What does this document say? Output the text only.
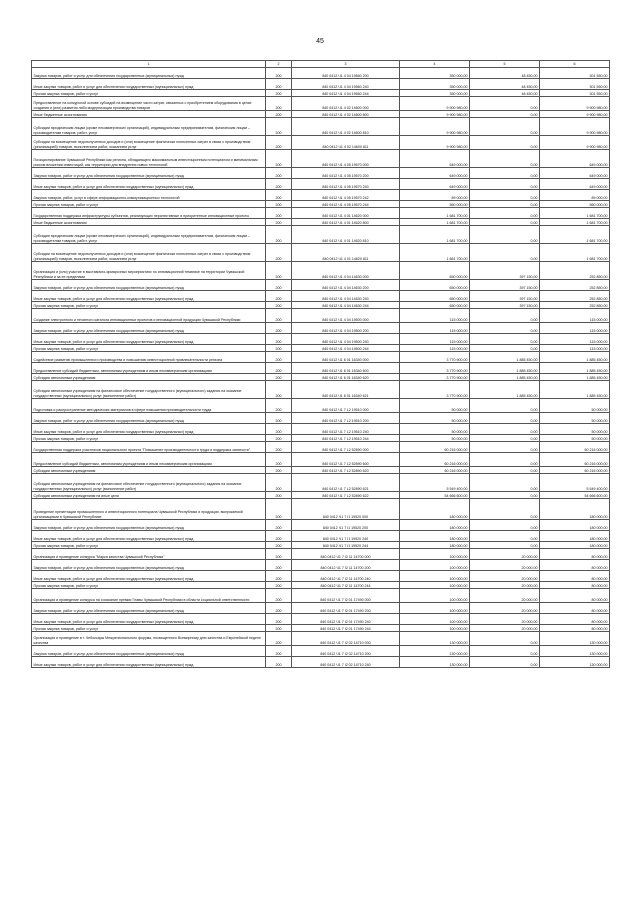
45
1	2	3	4	5	6
Закупка товаров, работ и услуг для обеспечения государственных (муниципальных) нужд	200	840 0412 Ч1 4 04 19560 200	350 000,00	48 450,00	301 550,00
Иные закупки товаров, работ и услуг для обеспечения государственных (муниципальных) нужд	200	840 0412 Ч1 4 04 19560 240	350 000,00	48 450,00	301 550,00
Прочая закупка товаров, работ и услуг	200	840 0412 Ч1 4 04 19560 244	350 000,00	48 450,00	301 550,00
Предоставление на конкурсной основе субсидий на возмещение части затрат, связанных с приобретением оборудования в целях создания и (или) развития либо модернизации производства товаров	200	840 0412 Ч1 4 02 14600 000	9 900 980,00	0,00	9 900 980,00
Иные бюджетные ассигнования	200	840 0412 Ч1 4 02 14600 800	9 900 980,00	0,00	9 900 980,00
Субсидии юридическим лицам (кроме некоммерческих организаций), индивидуальным предпринимателям, физическим лицам – производителям товаров, работ, услуг	200	840 0412 Ч1 4 02 14600 810	9 900 980,00	0,00	9 900 980,00
Субсидии на возмещение недополученных доходов и (или) возмещение фактически понесенных затрат в связи с производством (реализацией) товаров, выполнением работ, оказанием услуг	200	840 0412 Ч1 4 02 14600 811	9 900 980,00	0,00	9 900 980,00
Позиционирование Чувашской Республики как региона, обладающего максимальным инвестиционным потенциалом и минимальным риском вложения инвестиций, как территории для внедрения новых технологий	200	840 0412 Ч1 4 05 19570 000	649 000,00	0,00	649 000,00
Закупка товаров, работ и услуг для обеспечения государственных (муниципальных) нужд	200	840 0412 Ч1 4 05 19570 200	649 000,00	0,00	649 000,00
Иные закупки товаров, работ и услуг для обеспечения государственных (муниципальных) нужд	200	840 0412 Ч1 4 05 19570 240	649 000,00	0,00	649 000,00
Закупка товаров, работ, услуг в сфере информационно-коммуникационных технологий	200	840 0412 Ч1 4 05 19570 242	89 000,00	0,00	89 000,00
Прочая закупка товаров, работ и услуг	200	840 0412 Ч1 4 05 19570 244	560 000,00	0,00	560 000,00
Государственная поддержка инфраструктуры субъектов, реализующих перспективные и приоритетные инновационные проекты	200	840 0412 Ч1 4 01 14620 000	1 681 700,00	0,00	1 681 700,00
Иные бюджетные ассигнования	200	840 0412 Ч1 4 01 14620 800	1 681 700,00	0,00	1 681 700,00
Субсидии юридическим лицам (кроме некоммерческих организаций), индивидуальным предпринимателям, физическим лицам – производителям товаров, работ, услуг	200	840 0412 Ч1 4 01 14620 810	1 681 700,00	0,00	1 681 700,00
Субсидии на возмещение недополученных доходов и (или) возмещение фактически понесенных затрат в связи с производством (реализацией) товаров, выполнением работ, оказанием услуг	200	840 0412 Ч1 4 01 14620 811	1 681 700,00	0,00	1 681 700,00
Организация и (или) участие в выставочно-ярмарочных мероприятиях по инновационной тематике на территории Чувашской Республики и за ее пределами	200	840 0412 Ч1 4 04 14630 000	650 000,00	397 150,00	252 850,00
Закупка товаров, работ и услуг для обеспечения государственных (муниципальных) нужд	200	840 0412 Ч1 4 04 14630 200	650 000,00	397 150,00	252 850,00
Иные закупки товаров, работ и услуг для обеспечения государственных (муниципальных) нужд	200	840 0412 Ч1 4 04 14630 240	650 000,00	397 150,00	252 850,00
Прочая закупка товаров, работ и услуг	200	840 0412 Ч1 4 04 14630 244	650 000,00	397 150,00	252 850,00
Создание электронного и печатного каталога инновационных проектов и инновационной продукции Чувашской Республики	200	840 0412 Ч1 4 04 19500 000	115 000,00	0,00	115 000,00
Закупка товаров, работ и услуг для обеспечения государственных (муниципальных) нужд	200	840 0412 Ч1 4 04 19500 200	115 000,00	0,00	115 000,00
Иные закупки товаров, работ и услуг для обеспечения государственных (муниципальных) нужд	200	840 0412 Ч1 4 04 19500 240	115 000,00	0,00	115 000,00
Прочая закупка товаров, работ и услуг	200	840 0412 Ч1 4 04 19500 244	115 000,00	0,00	115 000,00
Содействие развитию промышленного производства и повышению инвестиционной привлекательности региона	200	840 0412 Ч1 6 01 16340 000	3 770 900,00	1 885 450,00	1 885 450,00
Предоставление субсидий бюджетным, автономным учреждениям и иным некоммерческим организациям	200	840 0412 Ч1 6 01 16340 600	3 770 900,00	1 885 450,00	1 885 450,00
Субсидии автономным учреждениям	200	840 0412 Ч1 6 01 16340 620	3 770 900,00	1 885 450,00	1 885 450,00
Субсидии автономным учреждениям на финансовое обеспечение государственного (муниципального) задания на оказание государственных (муниципальных) услуг (выполнение работ)	200	840 0412 Ч1 6 01 16340 621	3 770 900,00	1 885 450,00	1 885 450,00
Подготовка и распространение методических материалов в сфере повышения производительности труда	200	840 0412 Ч1 7 L2 19510 000	50 000,00	0,00	50 000,00
Закупка товаров, работ и услуг для обеспечения государственных (муниципальных) нужд	200	840 0412 Ч1 7 L2 19510 200	50 000,00	0,00	50 000,00
Иные закупки товаров, работ и услуг для обеспечения государственных (муниципальных) нужд	200	840 0412 Ч1 7 L2 19510 240	50 000,00	0,00	50 000,00
Прочая закупка товаров, работ и услуг	200	840 0412 Ч1 7 L2 19510 244	50 000,00	0,00	50 000,00
Государственная поддержка участников национального проекта "Повышение производительности труда и поддержка занятости"	200	840 0412 Ч1 7 L2 52890 000	60 216 000,00	0,00	60 216 000,00
Предоставление субсидий бюджетным, автономным учреждениям и иным некоммерческим организациям	200	840 0412 Ч1 7 L2 52890 600	60 216 000,00	0,00	60 216 000,00
Субсидии автономным учреждениям	200	840 0412 Ч1 7 L2 52890 620	60 216 000,00	0,00	60 216 000,00
Субсидии автономным учреждениям на финансовое обеспечение государственного (муниципального) задания на оказание государственных (муниципальных) услуг (выполнение работ)	200	840 0412 Ч1 7 L2 52890 621	5 549 400,00	0,00	5 549 400,00
Субсидии автономным учреждениям на иные цели	200	840 0412 Ч1 7 L2 52890 622	54 666 600,00	0,00	54 666 600,00
Проведение презентации промышленного и инвестиционного потенциала Чувашской Республики и продукции, выпускаемой организациями в Чувашской Республике	200	840 0412 Ч1 7 I1 19520 000	180 000,00	0,00	180 000,00
Закупка товаров, работ и услуг для обеспечения государственных (муниципальных) нужд	200	840 0412 Ч1 7 I1 19520 200	180 000,00	0,00	180 000,00
Иные закупки товаров, работ и услуг для обеспечения государственных (муниципальных) нужд	200	840 0412 Ч1 7 I1 19520 240	180 000,00	0,00	180 000,00
Прочая закупка товаров, работ и услуг	200	840 0412 Ч1 7 I1 19520 244	180 000,00	0,00	180 000,00
Организация и проведение конкурса "Марка качества Чувашской Республики"	200	840 0412 Ч1 7 I2 11 14700 000	100 000,00	20 000,00	80 000,00
Закупка товаров, работ и услуг для обеспечения государственных (муниципальных) нужд	200	840 0412 Ч1 7 I2 11 14700 200	100 000,00	20 000,00	80 000,00
Иные закупки товаров, работ и услуг для обеспечения государственных (муниципальных) нужд	200	840 0412 Ч1 7 I2 11 14700 240	100 000,00	20 000,00	80 000,00
Прочая закупка товаров, работ и услуг	200	840 0412 Ч1 7 I2 11 14700 244	100 000,00	20 000,00	80 000,00
Организация и проведение конкурса на соискание премии Главы Чувашской Республики в области социальной ответственности	200	840 0412 Ч1 7 I2 01 17490 000	100 000,00	20 000,00	80 000,00
Закупка товаров, работ и услуг для обеспечения государственных (муниципальных) нужд	200	840 0412 Ч1 7 I2 01 17490 200	100 000,00	20 000,00	80 000,00
Иные закупки товаров, работ и услуг для обеспечения государственных (муниципальных) нужд	200	840 0412 Ч1 7 I2 01 17490 240	100 000,00	20 000,00	80 000,00
Прочая закупка товаров, работ и услуг	200	840 0412 Ч1 7 I2 01 17490 244	100 000,00	20 000,00	80 000,00
Организация и проведение в г. Чебоксары Межрегионального форума, посвященного Всемирному дню качества и Европейской неделе качества	200	840 0412 Ч1 7 I2 02 14710 000	130 000,00	0,00	130 000,00
Закупка товаров, работ и услуг для обеспечения государственных (муниципальных) нужд	200	840 0412 Ч1 7 I2 02 14710 200	130 000,00	0,00	130 000,00
Иные закупки товаров, работ и услуг для обеспечения государственных (муниципальных) нужд	200	840 0412 Ч1 7 I2 02 14710 240	130 000,00	0,00	130 000,00
